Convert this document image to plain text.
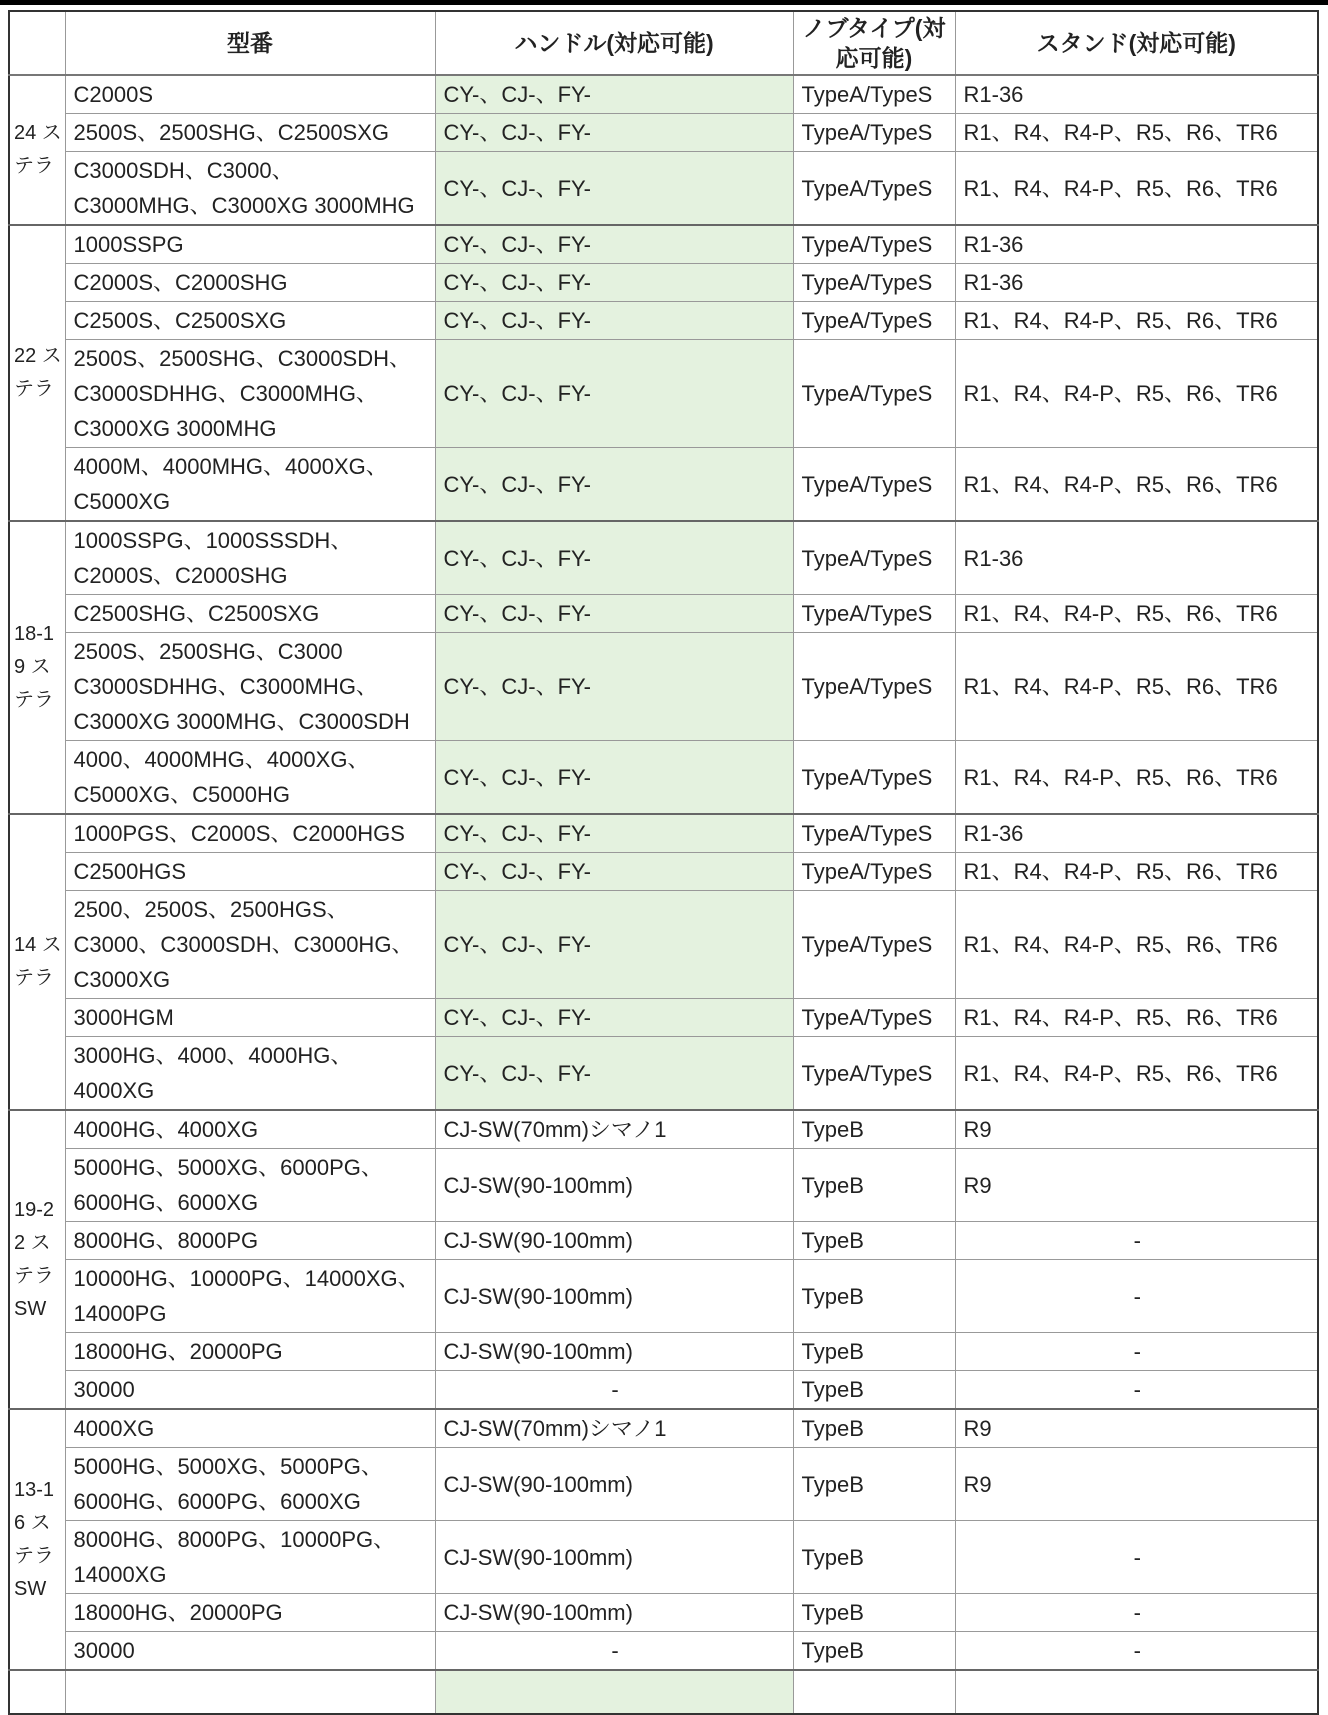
	型番	ハンドル(対応可能)	ノブタイプ(対応可能)	スタンド(対応可能)
24 ステラ	C2000S	CY-、CJ-、FY-	TypeA/TypeS	R1-36
	2500S、2500SHG、C2500SXG	CY-、CJ-、FY-	TypeA/TypeS	R1、R4、R4-P、R5、R6、TR6
	C3000SDH、C3000、C3000MHG、C3000XG 3000MHG	CY-、CJ-、FY-	TypeA/TypeS	R1、R4、R4-P、R5、R6、TR6
22 ステラ	1000SSPG	CY-、CJ-、FY-	TypeA/TypeS	R1-36
	C2000S、C2000SHG	CY-、CJ-、FY-	TypeA/TypeS	R1-36
	C2500S、C2500SXG	CY-、CJ-、FY-	TypeA/TypeS	R1、R4、R4-P、R5、R6、TR6
	2500S、2500SHG、C3000SDH、C3000SDHHG、C3000MHG、C3000XG 3000MHG	CY-、CJ-、FY-	TypeA/TypeS	R1、R4、R4-P、R5、R6、TR6
	4000M、4000MHG、4000XG、C5000XG	CY-、CJ-、FY-	TypeA/TypeS	R1、R4、R4-P、R5、R6、TR6
18-19 ステラ	1000SSPG、1000SSSDH、C2000S、C2000SHG	CY-、CJ-、FY-	TypeA/TypeS	R1-36
	C2500SHG、C2500SXG	CY-、CJ-、FY-	TypeA/TypeS	R1、R4、R4-P、R5、R6、TR6
	2500S、2500SHG、C3000 C3000SDHHG、C3000MHG、C3000XG 3000MHG、C3000SDH	CY-、CJ-、FY-	TypeA/TypeS	R1、R4、R4-P、R5、R6、TR6
	4000、4000MHG、4000XG、C5000XG、C5000HG	CY-、CJ-、FY-	TypeA/TypeS	R1、R4、R4-P、R5、R6、TR6
14 ステラ	1000PGS、C2000S、C2000HGS	CY-、CJ-、FY-	TypeA/TypeS	R1-36
	C2500HGS	CY-、CJ-、FY-	TypeA/TypeS	R1、R4、R4-P、R5、R6、TR6
	2500、2500S、2500HGS、C3000、C3000SDH、C3000HG、C3000XG	CY-、CJ-、FY-	TypeA/TypeS	R1、R4、R4-P、R5、R6、TR6
	3000HGM	CY-、CJ-、FY-	TypeA/TypeS	R1、R4、R4-P、R5、R6、TR6
	3000HG、4000、4000HG、4000XG	CY-、CJ-、FY-	TypeA/TypeS	R1、R4、R4-P、R5、R6、TR6
19-22 ステラ SW	4000HG、4000XG	CJ-SW(70mm)シマノ1	TypeB	R9
	5000HG、5000XG、6000PG、6000HG、6000XG	CJ-SW(90-100mm)	TypeB	R9
	8000HG、8000PG	CJ-SW(90-100mm)	TypeB	-
	10000HG、10000PG、14000XG、14000PG	CJ-SW(90-100mm)	TypeB	-
	18000HG、20000PG	CJ-SW(90-100mm)	TypeB	-
	30000	-	TypeB	-
13-16 ステラ SW	4000XG	CJ-SW(70mm)シマノ1	TypeB	R9
	5000HG、5000XG、5000PG、6000HG、6000PG、6000XG	CJ-SW(90-100mm)	TypeB	R9
	8000HG、8000PG、10000PG、14000XG	CJ-SW(90-100mm)	TypeB	-
	18000HG、20000PG	CJ-SW(90-100mm)	TypeB	-
	30000	-	TypeB	-
